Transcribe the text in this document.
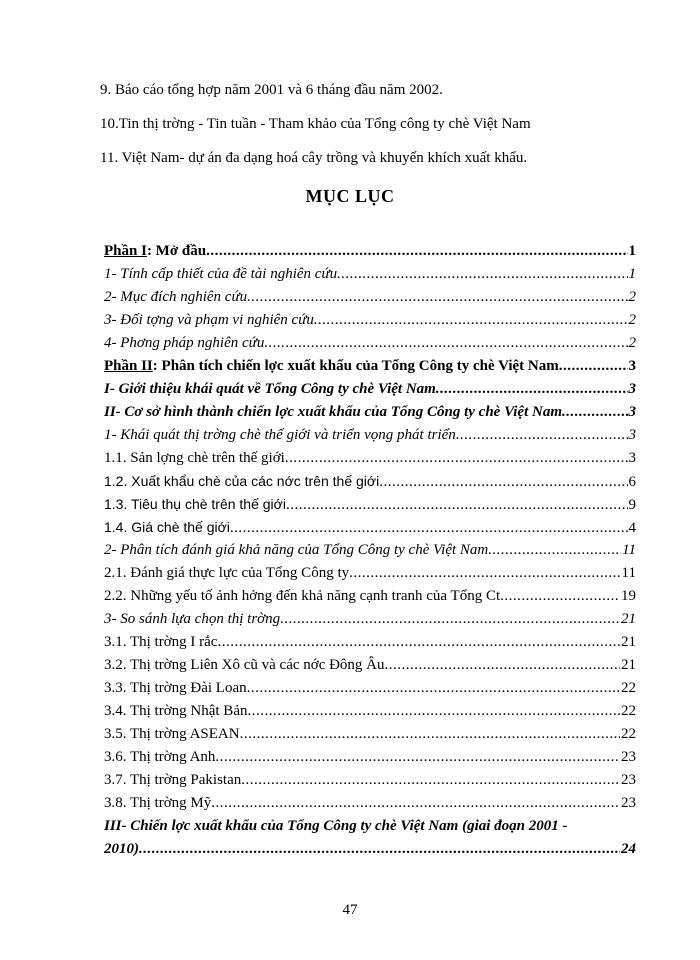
9. Báo cáo tổng hợp năm 2001 và 6 tháng đầu năm 2002.
10.Tin thị trờng - Tin tuần - Tham khảo của Tổng công ty chè Việt Nam
11. Việt Nam- dự án đa dạng hoá cây trồng và khuyến khích xuất khẩu.
MỤC LỤC
Phần I: Mở đầu .....	1
1- Tính cấp thiết của đề tài nghiên cứu .....	1
2- Mục đích nghiên cứu .....	2
3- Đối tợng và phạm vi nghiên cứu .....	2
4- Phơng pháp nghiên cứu .....	2
Phần II: Phân tích chiến lợc xuất khẩu của Tổng Công ty chè Việt Nam .....	3
I- Giới thiệu khái quát về Tổng Công ty chè Việt Nam .....	3
II- Cơ sở hình thành chiến lợc xuất khẩu của Tổng Công ty chè Việt Nam .....	3
1- Khái quát thị trờng chè thế giới và triển vọng phát triển .....	3
1.1. Sản lợng chè trên thế giới .....	3
1.2. Xuất khẩu chè của các nớc trên thế giới .....	6
1.3. Tiêu thụ chè trên thế giới .....	9
1.4. Giá chè thế giới .....	4
2- Phân tích đánh giá khả năng của Tổng Công ty chè Việt Nam .....	11
2.1. Đánh giá thực lực của Tổng Công ty .....	11
2.2. Những yếu tố ảnh hởng đến khả năng cạnh tranh của Tổng Ct .....	19
3- So sánh lựa chọn thị trờng .....	21
3.1. Thị trờng I rắc .....	21
3.2. Thị trờng Liên Xô cũ và các nớc Đông Âu .....	21
3.3. Thị trờng Đài Loan .....	22
3.4. Thị trờng Nhật Bản .....	22
3.5. Thị trờng ASEAN .....	22
3.6. Thị trờng Anh .....	23
3.7. Thị trờng Pakistan .....	23
3.8. Thị trờng Mỹ .....	23
III- Chiến lợc xuất khẩu của Tổng Công ty chè Việt Nam (giai đoạn 2001 -
2010) .....	24
47
